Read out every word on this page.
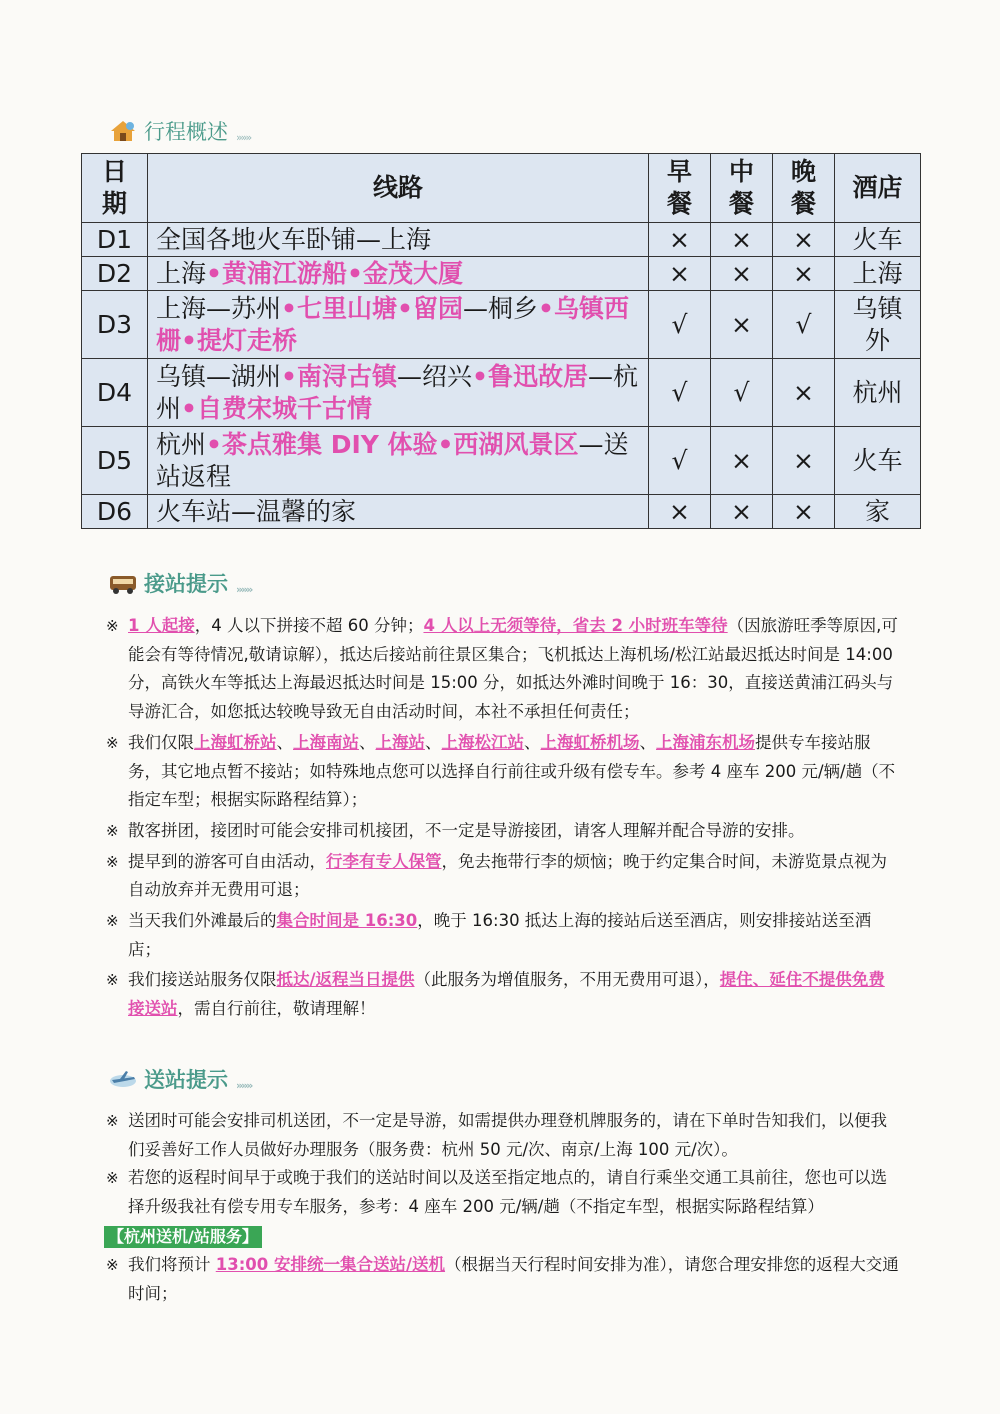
行程概述 »»»
日期	线路	早餐	中餐	晚餐	酒店
D1	全国各地火车卧铺—上海	×	×	×	火车
D2	上海•黄浦江游船•金茂大厦	×	×	×	上海
D3	上海—苏州•七里山塘•留园—桐乡•乌镇西栅•提灯走桥	√	×	√	乌镇外
D4	乌镇—湖州•南浔古镇—绍兴•鲁迅故居—杭州•自费宋城千古情	√	√	×	杭州
D5	杭州•茶点雅集 DIY 体验•西湖风景区—送站返程	√	×	×	火车
D6	火车站—温馨的家	×	×	×	家
接站提示 »»»
※ 1 人起接，4 人以下拼接不超 60 分钟；4 人以上无须等待，省去 2 小时班车等待（因旅游旺季等原因,可能会有等待情况,敬请谅解），抵达后接站前往景区集合；飞机抵达上海机场/松江站最迟抵达时间是 14:00 分，高铁火车等抵达上海最迟抵达时间是 15:00 分，如抵达外滩时间晚于 16：30，直接送黄浦江码头与导游汇合，如您抵达较晚导致无自由活动时间，本社不承担任何责任；
※ 我们仅限上海虹桥站、上海南站、上海站、上海松江站、上海虹桥机场、上海浦东机场提供专车接站服务，其它地点暂不接站；如特殊地点您可以选择自行前往或升级有偿专车。参考 4 座车 200 元/辆/趟（不指定车型；根据实际路程结算）；
※ 散客拼团，接团时可能会安排司机接团，不一定是导游接团，请客人理解并配合导游的安排。
※ 提早到的游客可自由活动，行李有专人保管，免去拖带行李的烦恼；晚于约定集合时间，未游览景点视为自动放弃并无费用可退；
※ 当天我们外滩最后的集合时间是 16:30，晚于 16:30 抵达上海的接站后送至酒店，则安排接站送至酒店；
※ 我们接送站服务仅限抵达/返程当日提供（此服务为增值服务，不用无费用可退），提住、延住不提供免费接送站，需自行前往，敬请理解！
送站提示 »»»
※ 送团时可能会安排司机送团，不一定是导游，如需提供办理登机牌服务的，请在下单时告知我们，以便我们妥善好工作人员做好办理服务（服务费：杭州 50 元/次、南京/上海 100 元/次）。
※ 若您的返程时间早于或晚于我们的送站时间以及送至指定地点的，请自行乘坐交通工具前往，您也可以选择升级我社有偿专用专车服务，参考：4 座车 200 元/辆/趟（不指定车型，根据实际路程结算）
【杭州送机/站服务】
※ 我们将预计 13:00 安排统一集合送站/送机（根据当天行程时间安排为准），请您合理安排您的返程大交通时间；
